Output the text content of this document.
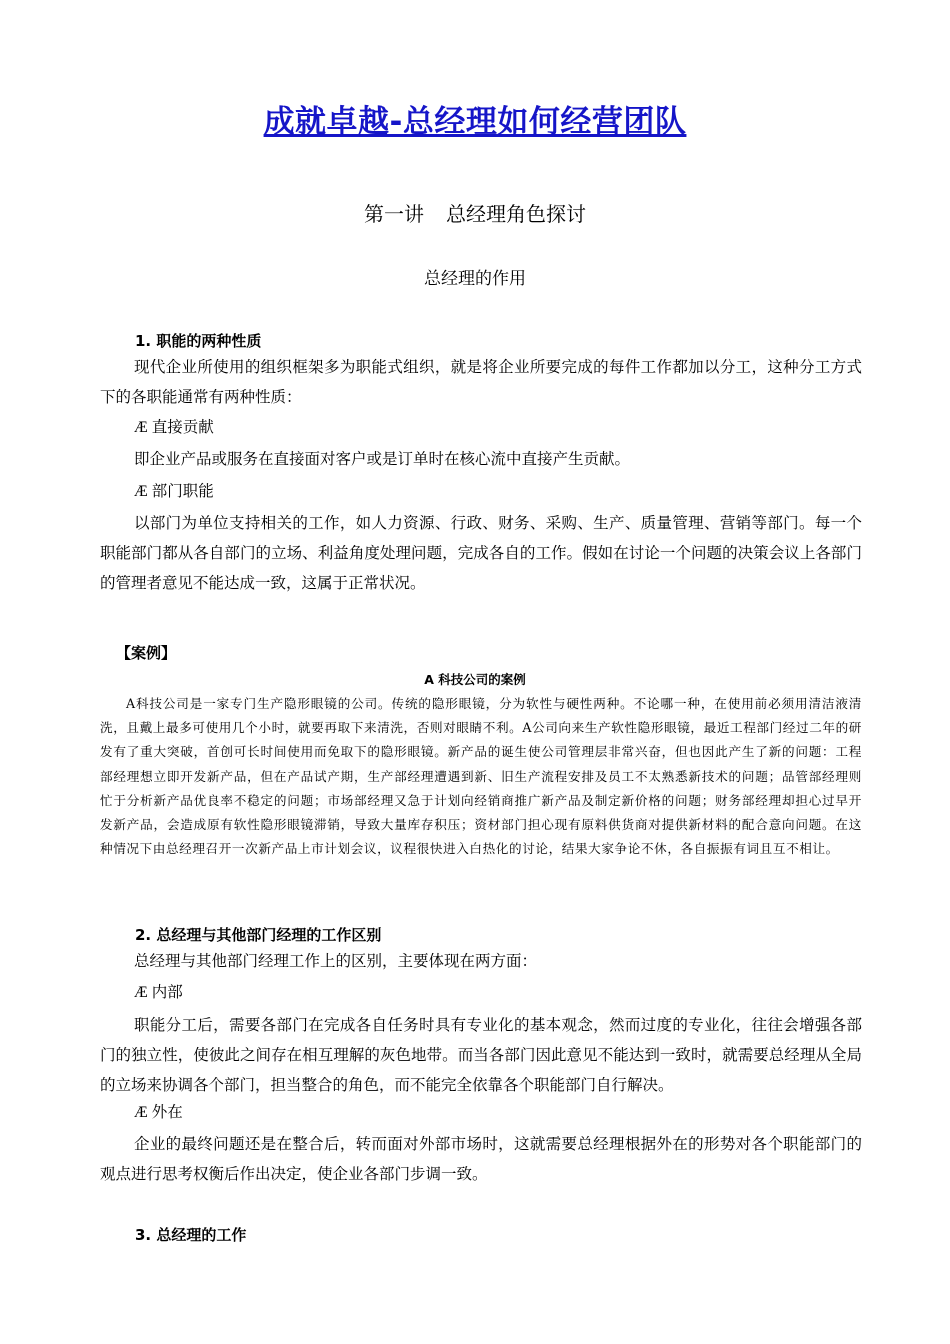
成就卓越-总经理如何经营团队
第一讲 总经理角色探讨
总经理的作用
1. 职能的两种性质
现代企业所使用的组织框架多为职能式组织，就是将企业所要完成的每件工作都加以分工，这种分工方式下的各职能通常有两种性质：
Æ 直接贡献
即企业产品或服务在直接面对客户或是订单时在核心流中直接产生贡献。
Æ 部门职能
以部门为单位支持相关的工作，如人力资源、行政、财务、采购、生产、质量管理、营销等部门。每一个职能部门都从各自部门的立场、利益角度处理问题，完成各自的工作。假如在讨论一个问题的决策会议上各部门的管理者意见不能达成一致，这属于正常状况。
【案例】
A 科技公司的案例
A科技公司是一家专门生产隐形眼镜的公司。传统的隐形眼镜，分为软性与硬性两种。不论哪一种，在使用前必须用清洁液清洗，且戴上最多可使用几个小时，就要再取下来清洗，否则对眼睛不利。A公司向来生产软性隐形眼镜，最近工程部门经过二年的研发有了重大突破，首创可长时间使用而免取下的隐形眼镜。新产品的诞生使公司管理层非常兴奋，但也因此产生了新的问题：工程部经理想立即开发新产品，但在产品试产期，生产部经理遭遇到新、旧生产流程安排及员工不太熟悉新技术的问题；品管部经理则忙于分析新产品优良率不稳定的问题；市场部经理又急于计划向经销商推广新产品及制定新价格的问题；财务部经理却担心过早开发新产品，会造成原有软性隐形眼镜滞销，导致大量库存积压；资材部门担心现有原料供货商对提供新材料的配合意向问题。在这种情况下由总经理召开一次新产品上市计划会议，议程很快进入白热化的讨论，结果大家争论不休，各自振振有词且互不相让。
2. 总经理与其他部门经理的工作区别
总经理与其他部门经理工作上的区别，主要体现在两方面：
Æ 内部
职能分工后，需要各部门在完成各自任务时具有专业化的基本观念，然而过度的专业化，往往会增强各部门的独立性，使彼此之间存在相互理解的灰色地带。而当各部门因此意见不能达到一致时，就需要总经理从全局的立场来协调各个部门，担当整合的角色，而不能完全依靠各个职能部门自行解决。
Æ 外在
企业的最终问题还是在整合后，转而面对外部市场时，这就需要总经理根据外在的形势对各个职能部门的观点进行思考权衡后作出决定，使企业各部门步调一致。
3. 总经理的工作
